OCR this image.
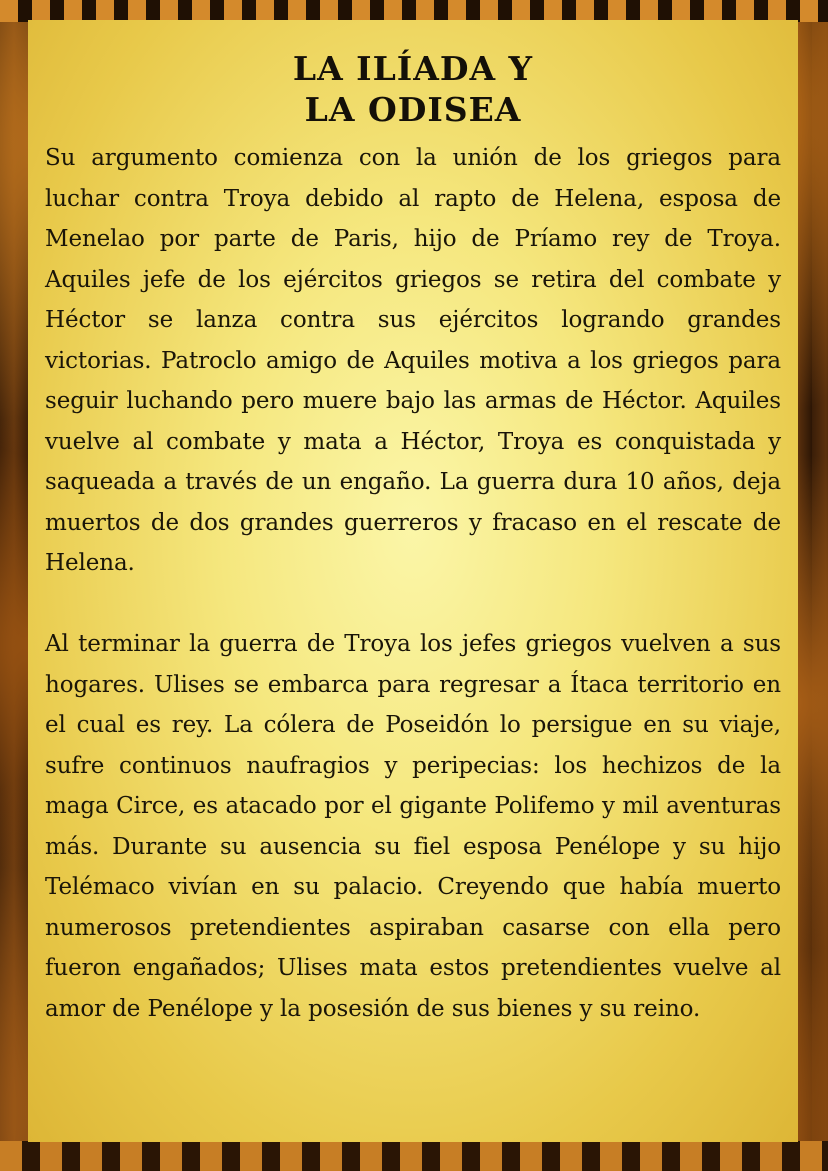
LA ILÍADA Y
LA ODISEA

Su argumento comienza con la unión de los griegos para luchar contra Troya debido al rapto de Helena, esposa de Menelao por parte de Paris, hijo de Príamo rey de Troya. Aquiles jefe de los ejércitos griegos se retira del combate y Héctor se lanza contra sus ejércitos logrando grandes victorias. Patroclo amigo de Aquiles motiva a los griegos para seguir luchando pero muere bajo las armas de Héctor. Aquiles vuelve al combate y mata a Héctor, Troya es conquistada y saqueada a través de un engaño. La guerra dura 10 años, deja muertos de dos grandes guerreros y fracaso en el rescate de Helena.

Al terminar la guerra de Troya los jefes griegos vuelven a sus hogares. Ulises se embarca para regresar a Ítaca territorio en el cual es rey. La cólera de Poseidón lo persigue en su viaje, sufre continuos naufragios y peripecias: los hechizos de la maga Circe, es atacado por el gigante Polifemo y mil aventuras más. Durante su ausencia su fiel esposa Penélope y su hijo Telémaco vivían en su palacio. Creyendo que había muerto numerosos pretendientes aspiraban casarse con ella pero fueron engañados; Ulises mata estos pretendientes vuelve al amor de Penélope y la posesión de sus bienes y su reino.
